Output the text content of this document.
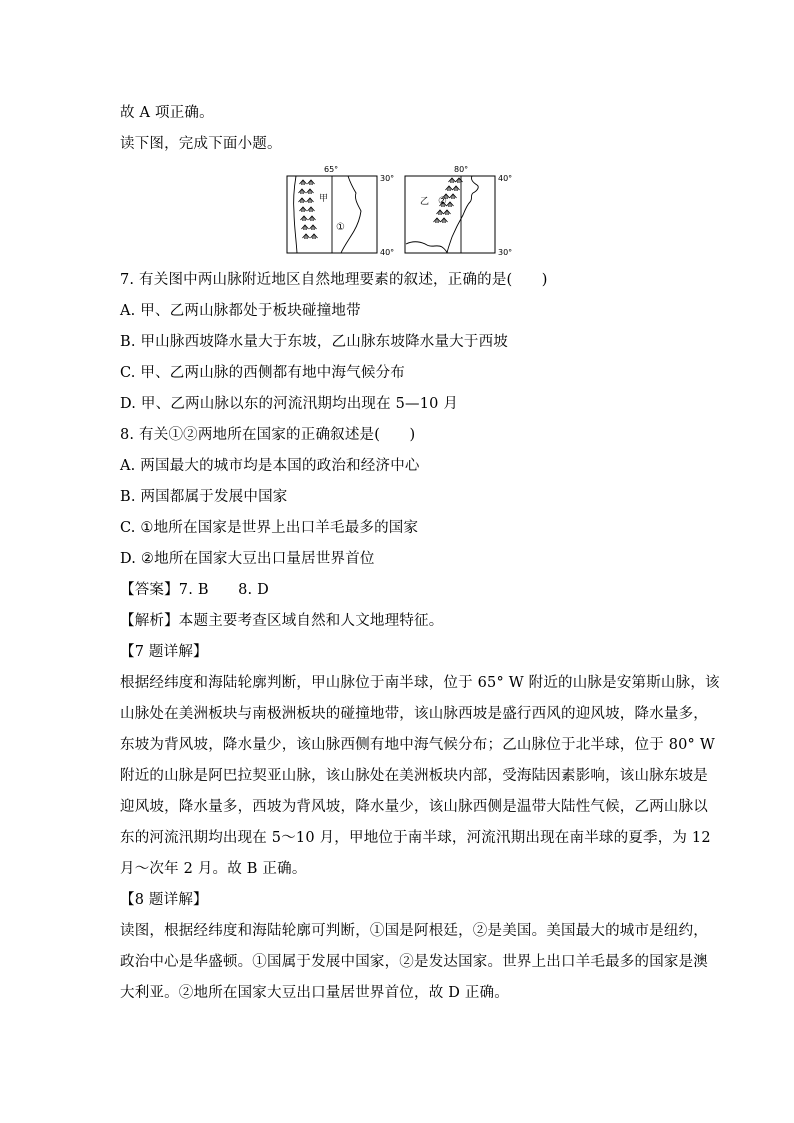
故 A 项正确。
读下图，完成下面小题。
65°
甲
①
30°
40°
80°
乙 ②
40°
30°
7. 有关图中两山脉附近地区自然地理要素的叙述，正确的是(　　)
A. 甲、乙两山脉都处于板块碰撞地带
B. 甲山脉西坡降水量大于东坡，乙山脉东坡降水量大于西坡
C. 甲、乙两山脉的西侧都有地中海气候分布
D. 甲、乙两山脉以东的河流汛期均出现在 5—10 月
8. 有关①②两地所在国家的正确叙述是(　　)
A. 两国最大的城市均是本国的政治和经济中心
B. 两国都属于发展中国家
C. ①地所在国家是世界上出口羊毛最多的国家
D. ②地所在国家大豆出口量居世界首位
【答案】7. B　　8. D
【解析】本题主要考查区域自然和人文地理特征。
【7 题详解】
根据经纬度和海陆轮廓判断，甲山脉位于南半球，位于 65° W 附近的山脉是安第斯山脉，该
山脉处在美洲板块与南极洲板块的碰撞地带，该山脉西坡是盛行西风的迎风坡，降水量多，
东坡为背风坡，降水量少，该山脉西侧有地中海气候分布；乙山脉位于北半球，位于 80° W
附近的山脉是阿巴拉契亚山脉，该山脉处在美洲板块内部，受海陆因素影响，该山脉东坡是
迎风坡，降水量多，西坡为背风坡，降水量少，该山脉西侧是温带大陆性气候，乙两山脉以
东的河流汛期均出现在 5～10 月，甲地位于南半球，河流汛期出现在南半球的夏季，为 12
月～次年 2 月。故 B 正确。
【8 题详解】
读图，根据经纬度和海陆轮廓可判断，①国是阿根廷，②是美国。美国最大的城市是纽约，
政治中心是华盛顿。①国属于发展中国家，②是发达国家。世界上出口羊毛最多的国家是澳
大利亚。②地所在国家大豆出口量居世界首位，故 D 正确。
